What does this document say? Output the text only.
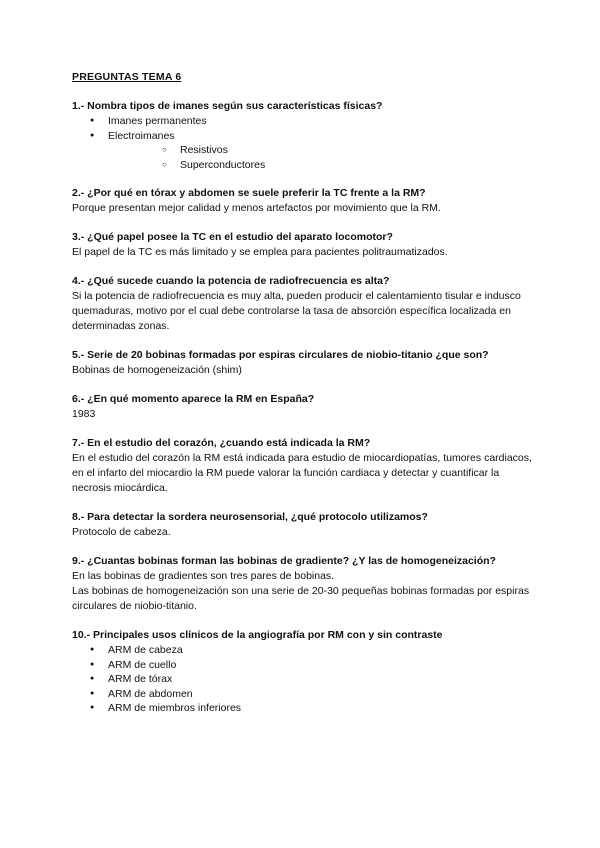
PREGUNTAS TEMA 6

1.- Nombra tipos de imanes según sus características físicas?

● Imanes permanentes
● Electroimanes
○ Resistivos
○ Superconductores

2.- ¿Por qué en tórax y abdomen se suele preferir la TC frente a la RM?

Porque presentan mejor calidad y menos artefactos por movimiento que la RM.

3.- ¿Qué papel posee la TC en el estudio del aparato locomotor?

El papel de la TC es más limitado y se emplea para pacientes politraumatizados.

4.- ¿Qué sucede cuando la potencia de radiofrecuencia es alta?

Si la potencia de radiofrecuencia es muy alta, pueden producir el calentamiento tisular e indusco quemaduras, motivo por el cual debe controlarse la tasa de absorción específica localizada en determinadas zonas.

5.- Serie de 20 bobinas formadas por espiras circulares de niobio-titanio ¿que son?

Bobinas de homogeneización (shim)

6.- ¿En qué momento aparece la RM en España?

1983

7.- En el estudio del corazón, ¿cuando está indicada la RM?

En el estudio del corazón la RM está indicada para estudio de miocardiopatías, tumores cardiacos, en el infarto del miocardio la RM puede valorar la función cardiaca y detectar y cuantificar la necrosis miocárdica.

8.- Para detectar la sordera neurosensorial, ¿qué protocolo utilizamos?

Protocolo de cabeza.

9.- ¿Cuantas bobinas forman las bobinas de gradiente? ¿Y las de homogeneización?

En las bobinas de gradientes son tres pares de bobinas.

Las bobinas de homogeneización son una serie de 20-30 pequeñas bobinas formadas por espiras circulares de niobio-titanio.

10.- Principales usos clínicos de la angiografía por RM con y sin contraste

● ARM de cabeza
● ARM de cuello
● ARM de tórax
● ARM de abdomen
● ARM de miembros inferiores
